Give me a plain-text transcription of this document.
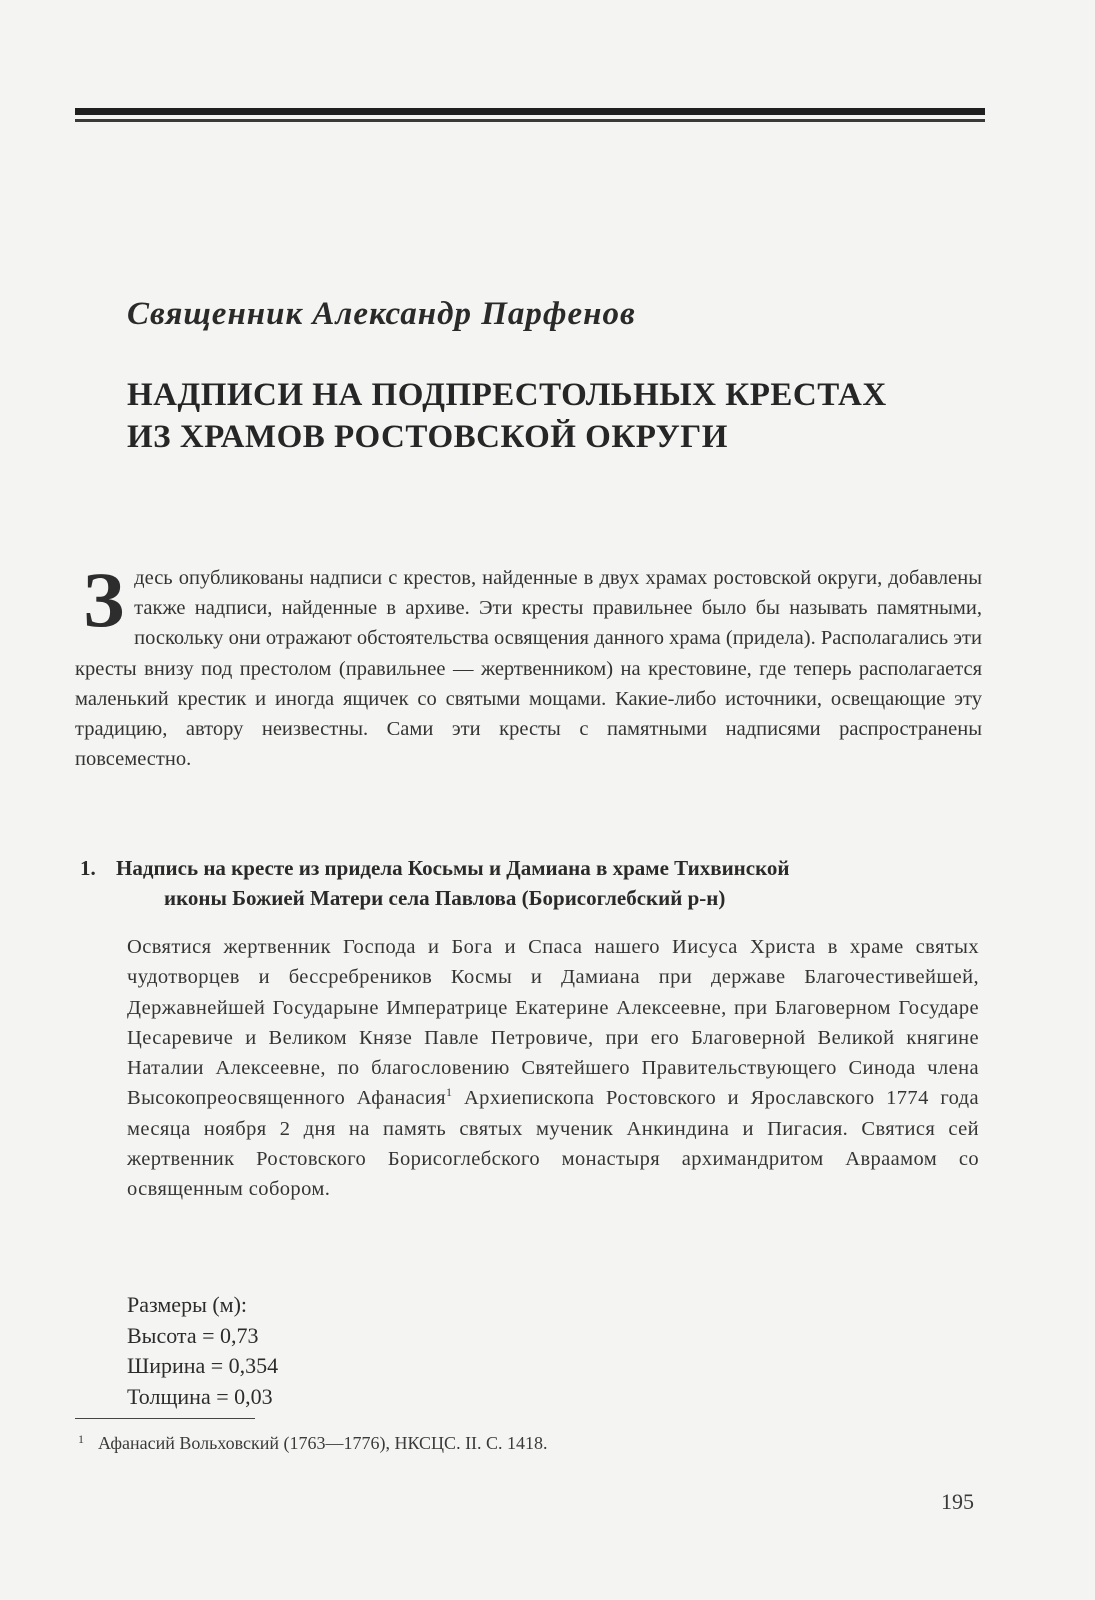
Священник Александр Парфенов
НАДПИСИ НА ПОДПРЕСТОЛЬНЫХ КРЕСТАХ
ИЗ ХРАМОВ РОСТОВСКОЙ ОКРУГИ
З десь опубликованы надписи с крестов, найденные в двух храмах ростовской округи, добавлены также надписи, найденные в архиве. Эти кресты правильнее было бы называть памятными, поскольку они отражают обстоятельства освящения данного храма (придела). Располагались эти кресты внизу под престолом (правильнее — жертвенником) на крестовине, где теперь располагается маленький крестик и иногда ящичек со святыми мощами. Какие-либо источники, освещающие эту традицию, автору неизвестны. Сами эти кресты с памятными надписями распространены повсеместно.
1. Надпись на кресте из придела Косьмы и Дамиана в храме Тихвинской
иконы Божией Матери села Павлова (Борисоглебский р-н)
Освятися жертвенник Господа и Бога и Спаса нашего Иисуса Христа в храме святых чудотворцев и бессребреников Космы и Дамиана при державе Благочестивейшей, Державнейшей Государыне Императрице Екатерине Алексеевне, при Благоверном Государе Цесаревиче и Великом Князе Павле Петровиче, при его Благоверной Великой княгине Наталии Алексеевне, по благословению Святейшего Правительствующего Синода члена Высокопреосвященного Афанасия$^1$ Архиепископа Ростовского и Ярославского 1774 года месяца ноября 2 дня на память святых мученик Анкиндина и Пигасия. Святися сей жертвенник Ростовского Борисоглебского монастыря архимандритом Авраамом со освященным собором.
Размеры (м):
Высота = 0,73
Ширина = 0,354
Толщина = 0,03
$^1$ Афанасий Вольховский (1763—1776), НКСЦС. II. С. 1418.
195
